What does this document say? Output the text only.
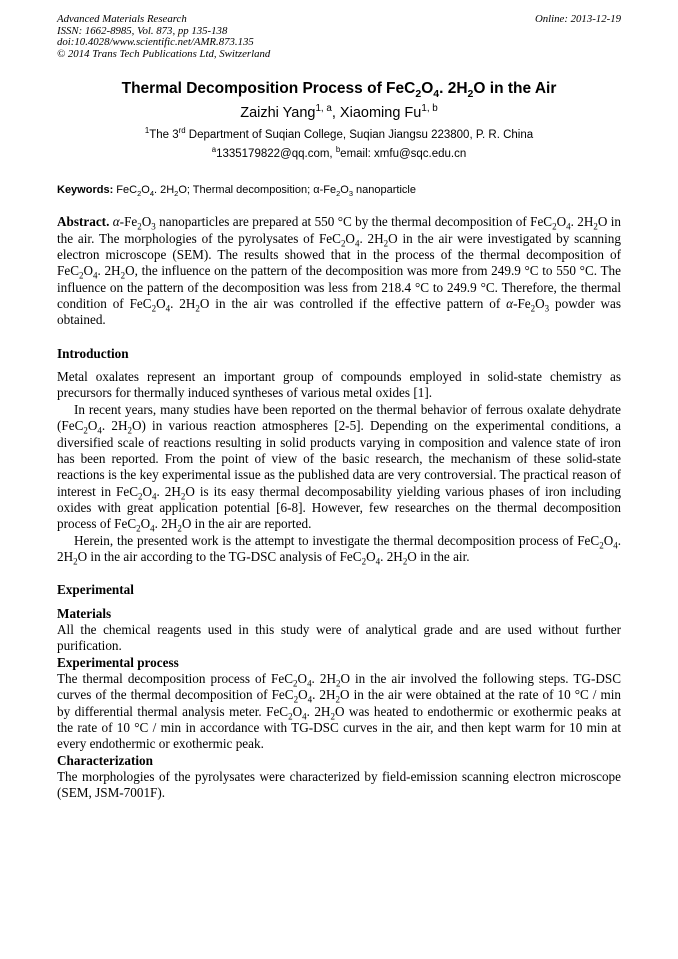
Advanced Materials Research
ISSN: 1662-8985, Vol. 873, pp 135-138
doi:10.4028/www.scientific.net/AMR.873.135
© 2014 Trans Tech Publications Ltd, Switzerland
Online: 2013-12-19
Thermal Decomposition Process of $FeC_2O_4$. $2H_2O$ in the Air
Zaizhi Yang$^{1, a}$, Xiaoming Fu$^{1, b}$
$^1$The 3rd Department of Suqian College, Suqian Jiangsu 223800, P. R. China
$^a$1335179822@qq.com, $^b$email: xmfu@sqc.edu.cn

Keywords: $FeC_2O_4$. $2H_2O$; Thermal decomposition; $\alpha-Fe_2O_3$ nanoparticle

Abstract. $\alpha-Fe_2O_3$ nanoparticles are prepared at 550 °C by the thermal decomposition of $FeC_2O_4$. $2H_2O$ in the air. The morphologies of the pyrolysates of $FeC_2O_4$. $2H_2O$ in the air were investigated by scanning electron microscope (SEM). The results showed that in the process of the thermal decomposition of $FeC_2O_4$. $2H_2O$, the influence on the pattern of the decomposition was more from 249.9 °C to 550 °C. The influence on the pattern of the decomposition was less from 218.4 °C to 249.9 °C. Therefore, the thermal condition of $FeC_2O_4$. $2H_2O$ in the air was controlled if the effective pattern of $\alpha-Fe_2O_3$ powder was obtained.

Introduction

Metal oxalates represent an important group of compounds employed in solid-state chemistry as precursors for thermally induced syntheses of various metal oxides [1].

In recent years, many studies have been reported on the thermal behavior of ferrous oxalate dehydrate ($FeC_2O_4$. $2H_2O$) in various reaction atmospheres [2-5]. Depending on the experimental conditions, a diversified scale of reactions resulting in solid products varying in composition and valence state of iron has been reported. From the point of view of the basic research, the mechanism of these solid-state reactions is the key experimental issue as the published data are very controversial. The practical reason of interest in $FeC_2O_4$. $2H_2O$ is its easy thermal decomposability yielding various phases of iron including oxides with great application potential [6-8]. However, few researches on the thermal decomposition process of $FeC_2O_4$. $2H_2O$ in the air are reported.

Herein, the presented work is the attempt to investigate the thermal decomposition process of $FeC_2O_4$. $2H_2O$ in the air according to the TG-DSC analysis of $FeC_2O_4$. $2H_2O$ in the air.

Experimental

Materials

All the chemical reagents used in this study were of analytical grade and are used without further purification.

Experimental process

The thermal decomposition process of $FeC_2O_4$. $2H_2O$ in the air involved the following steps. TG-DSC curves of the thermal decomposition of $FeC_2O_4$. $2H_2O$ in the air were obtained at the rate of 10 °C / min by differential thermal analysis meter. $FeC_2O_4$. $2H_2O$ was heated to endothermic or exothermic peaks at the rate of 10 °C / min in accordance with TG-DSC curves in the air, and then kept warm for 10 min at every endothermic or exothermic peak.

Characterization

The morphologies of the pyrolysates were characterized by field-emission scanning electron microscope (SEM, JSM-7001F).
